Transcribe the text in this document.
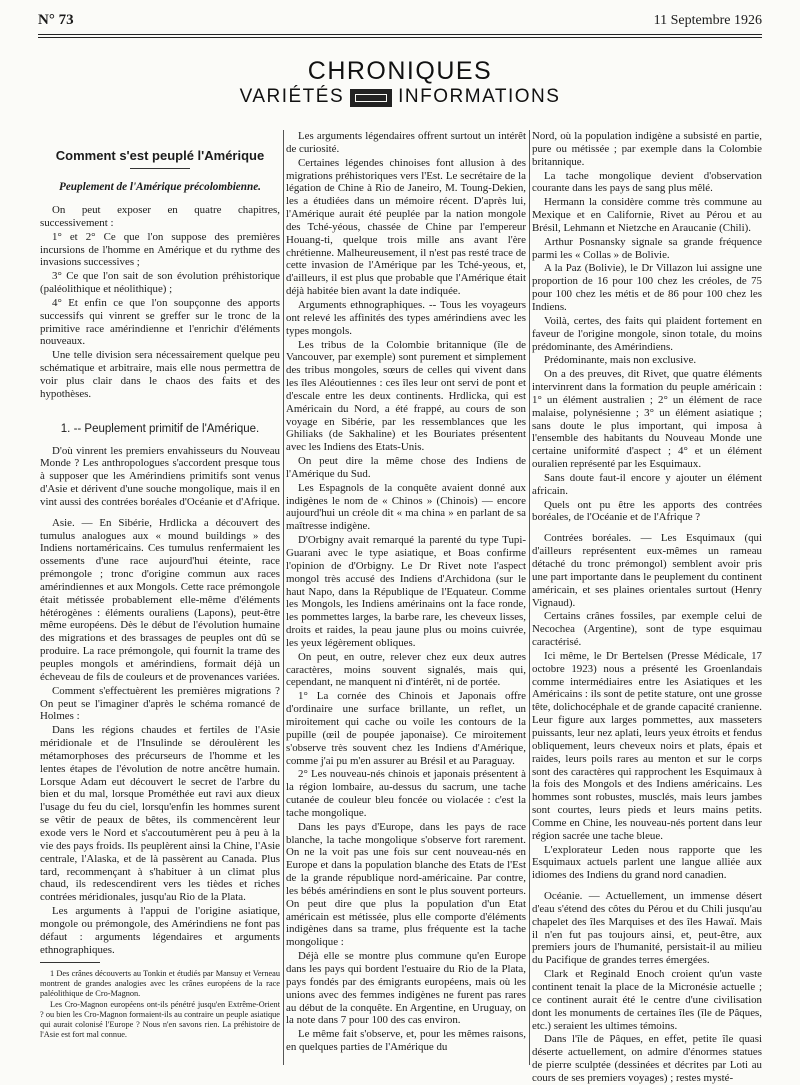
N° 73	11 Septembre 1926
CHRONIQUES
VARIÉTÉS	INFORMATIONS
Comment s'est peuplé l'Amérique
Peuplement de l'Amérique précolombienne.

On peut exposer en quatre chapitres, successivement :

1° et 2° Ce que l'on suppose des premières incursions de l'homme en Amérique et du rythme des invasions successives ;

3° Ce que l'on sait de son évolution préhistorique (paléolithique et néolithique) ;

4° Et enfin ce que l'on soupçonne des apports successifs qui vinrent se greffer sur le tronc de la primitive race amérindienne et l'enrichir d'éléments nouveaux.

Une telle division sera nécessairement quelque peu schématique et arbitraire, mais elle nous permettra de voir plus clair dans le chaos des faits et des hypothèses.

1. -- Peuplement primitif de l'Amérique.

D'où vinrent les premiers envahisseurs du Nouveau Monde ? Les anthropologues s'accordent presque tous à supposer que les Amérindiens primitifs sont venus d'Asie et dérivent d'une souche mongolique, mais il en vint aussi des contrées boréales d'Océanie et d'Afrique.

Asie. — En Sibérie, Hrdlicka a découvert des tumulus analogues aux « mound buildings » des Indiens nortaméricains. Ces tumulus renfermaient les ossements d'une race aujourd'hui éteinte, race prémongole ; tronc d'origine commun aux races amérindiennes et aux Mongols. Cette race prémongole était métissée probablement elle-même d'éléments hétérogènes : éléments ouraliens (Lapons), peut-être même européens. Dès le début de l'évolution humaine des migrations et des brassages de peuples ont dû se produire. La race prémongole, qui fournit la trame des peuples mongols et amérindiens, formait déjà un écheveau de fils de couleurs et de provenances variées.

Comment s'effectuèrent les premières migrations ? On peut se l'imaginer d'après le schéma romancé de Holmes :

Dans les régions chaudes et fertiles de l'Asie méridionale et de l'Insulinde se déroulèrent les métamorphoses des précurseurs de l'homme et les lentes étapes de l'évolution de notre ancêtre humain. Lorsque Adam eut découvert le secret de l'arbre du bien et du mal, lorsque Prométhée eut ravi aux dieux l'usage du feu du ciel, lorsqu'enfin les hommes surent se vêtir de peaux de bêtes, ils commencèrent leur exode vers le Nord et s'accoutumèrent peu à peu à la vie des pays froids. Ils peuplèrent ainsi la Chine, l'Asie centrale, l'Alaska, et de là passèrent au Canada. Plus tard, recommençant à s'habituer à un climat plus chaud, ils redescendirent vers les tièdes et riches contrées méridionales, jusqu'au Rio de la Plata.

Les arguments à l'appui de l'origine asiatique, mongole ou prémongole, des Amérindiens ne font pas défaut : arguments légendaires et arguments ethnographiques.

1 Des crânes découverts au Tonkin et étudiés par Mansuy et Verneau montrent de grandes analogies avec les crânes européens de la race paléolithique de Cro-Magnon.

Les Cro-Magnon européens ont-ils pénétré jusqu'en Extrême-Orient ? ou bien les Cro-Magnon formaient-ils au contraire un peuple asiatique qui aurait colonisé l'Europe ? Nous n'en savons rien. La préhistoire de l'Asie est fort mal connue.

Les arguments légendaires offrent surtout un intérêt de curiosité.

Certaines légendes chinoises font allusion à des migrations préhistoriques vers l'Est. Le secrétaire de la légation de Chine à Rio de Janeiro, M. Toung-Dekien, les a étudiées dans un mémoire récent. D'après lui, l'Amérique aurait été peuplée par la nation mongole des Tché-yéous, chassée de Chine par l'empereur Houang-ti, quelque trois mille ans avant l'ère chrétienne. Malheureusement, il n'est pas resté trace de cette invasion de l'Amérique par les Tché-yeous, et, d'ailleurs, il est plus que probable que l'Amérique était déjà habitée bien avant la date indiquée.

Arguments ethnographiques. -- Tous les voyageurs ont relevé les affinités des types amérindiens avec les types mongols.

Les tribus de la Colombie britannique (île de Vancouver, par exemple) sont purement et simplement des tribus mongoles, sœurs de celles qui vivent dans les îles Aléoutiennes : ces îles leur ont servi de pont et d'escale entre les deux continents. Hrdlicka, qui est Américain du Nord, a été frappé, au cours de son voyage en Sibérie, par les ressemblances que les Ghiliaks (de Sakhaline) et les Bouriates présentent avec les Indiens des Etats-Unis.

On peut dire la même chose des Indiens de l'Amérique du Sud.

Les Espagnols de la conquête avaient donné aux indigènes le nom de « Chinos » (Chinois) — encore aujourd'hui un créole dit « ma china » en parlant de sa maîtresse indigène.

D'Orbigny avait remarqué la parenté du type Tupi-Guarani avec le type asiatique, et Boas confirme l'opinion de d'Orbigny. Le Dr Rivet note l'aspect mongol très accusé des Indiens d'Archidona (sur le haut Napo, dans la République de l'Equateur. Comme les Mongols, les Indiens amérinains ont la face ronde, les pommettes larges, la barbe rare, les cheveux lisses, droits et raides, la peau jaune plus ou moins cuivrée, les yeux légèrement obliques.

On peut, en outre, relever chez eux deux autres caractères, moins souvent signalés, mais qui, cependant, ne manquent ni d'intérêt, ni de portée.

1° La cornée des Chinois et Japonais offre d'ordinaire une surface brillante, un reflet, un miroitement qui cache ou voile les contours de la pupille (œil de poupée japonaise). Ce miroitement s'observe très souvent chez les Indiens d'Amérique, comme j'ai pu m'en assurer au Brésil et au Paraguay.

2° Les nouveau-nés chinois et japonais présentent à la région lombaire, au-dessus du sacrum, une tache cutanée de couleur bleu foncée ou violacée : c'est la tache mongolique.

Dans les pays d'Europe, dans les pays de race blanche, la tache mongolique s'observe fort rarement. On ne la voit pas une fois sur cent nouveau-nés en Europe et dans la population blanche des Etats de l'Est de la grande république nord-américaine. Par contre, les bébés amérindiens en sont le plus souvent porteurs. On peut dire que plus la population d'un Etat américain est métissée, plus elle comporte d'éléments indigènes dans sa trame, plus fréquente est la tache mongolique :

Déjà elle se montre plus commune qu'en Europe dans les pays qui bordent l'estuaire du Rio de la Plata, pays fondés par des émigrants européens, mais où les unions avec des femmes indigènes ne furent pas rares au début de la conquête. En Argentine, en Uruguay, on la note dans 7 pour 100 des cas environ.

Le même fait s'observe, et, pour les mêmes raisons, en quelques parties de l'Amérique du

Nord, où la population indigène a subsisté en partie, pure ou métissée ; par exemple dans la Colombie britannique.

La tache mongolique devient d'observation courante dans les pays de sang plus mêlé.

Hermann la considère comme très commune au Mexique et en Californie, Rivet au Pérou et au Brésil, Lehmann et Nietzche en Araucanie (Chili).

Arthur Posnansky signale sa grande fréquence parmi les « Collas » de Bolivie.

A la Paz (Bolivie), le Dr Villazon lui assigne une proportion de 16 pour 100 chez les créoles, de 75 pour 100 chez les métis et de 86 pour 100 chez les Indiens.

Voilà, certes, des faits qui plaident fortement en faveur de l'origine mongole, sinon totale, du moins prédominante, des Amérindiens.

Prédominante, mais non exclusive.

On a des preuves, dit Rivet, que quatre éléments intervinrent dans la formation du peuple américain : 1° un élément australien ; 2° un élément de race malaise, polynésienne ; 3° un élément asiatique ; sans doute le plus important, qui imposa à l'ensemble des habitants du Nouveau Monde une certaine uniformité d'aspect ; 4° et un élément ouralien représenté par les Esquimaux.

Sans doute faut-il encore y ajouter un élément africain.

Quels ont pu être les apports des contrées boréales, de l'Océanie et de l'Afrique ?

Contrées boréales. — Les Esquimaux (qui d'ailleurs représentent eux-mêmes un rameau détaché du tronc prémongol) semblent avoir pris une part importante dans le peuplement du continent américain, et ses plaines orientales surtout (Henry Vignaud).

Certains crânes fossiles, par exemple celui de Necochea (Argentine), sont de type esquimau caractérisé.

Ici même, le Dr Bertelsen (Presse Médicale, 17 octobre 1923) nous a présenté les Groenlandais comme intermédiaires entre les Asiatiques et les Américains : ils sont de petite stature, ont une grosse tête, dolichocéphale et de grande capacité cranienne. Leur figure aux larges pommettes, aux masseters puissants, leur nez aplati, leurs yeux étroits et fendus obliquement, leurs cheveux noirs et plats, épais et raides, leurs poils rares au menton et sur le corps sont des caractères qui rapprochent les Esquimaux à la fois des Mongols et des Indiens américains. Les hommes sont robustes, musclés, mais leurs jambes sont courtes, leurs pieds et leurs mains petits. Comme en Chine, les nouveau-nés portent dans leur région sacrée une tache bleue.

L'explorateur Leden nous rapporte que les Esquimaux actuels parlent une langue alliée aux idiomes des Indiens du grand nord canadien.

Océanie. — Actuellement, un immense désert d'eau s'étend des côtes du Pérou et du Chili jusqu'au chapelet des îles Marquises et des îles Hawaï. Mais il n'en fut pas toujours ainsi, et, peut-être, aux premiers jours de l'humanité, persistait-il au milieu du Pacifique de grandes terres émergées.

Clark et Reginald Enoch croient qu'un vaste continent tenait la place de la Micronésie actuelle ; ce continent aurait été le centre d'une civilisation dont les monuments de certaines îles (île de Pâques, etc.) seraient les ultimes témoins.

Dans l'île de Pâques, en effet, petite île quasi déserte actuellement, on admire d'énormes statues de pierre sculptée (dessinées et décrites par Loti au cours de ses premiers voyages) ; restes mysté-
